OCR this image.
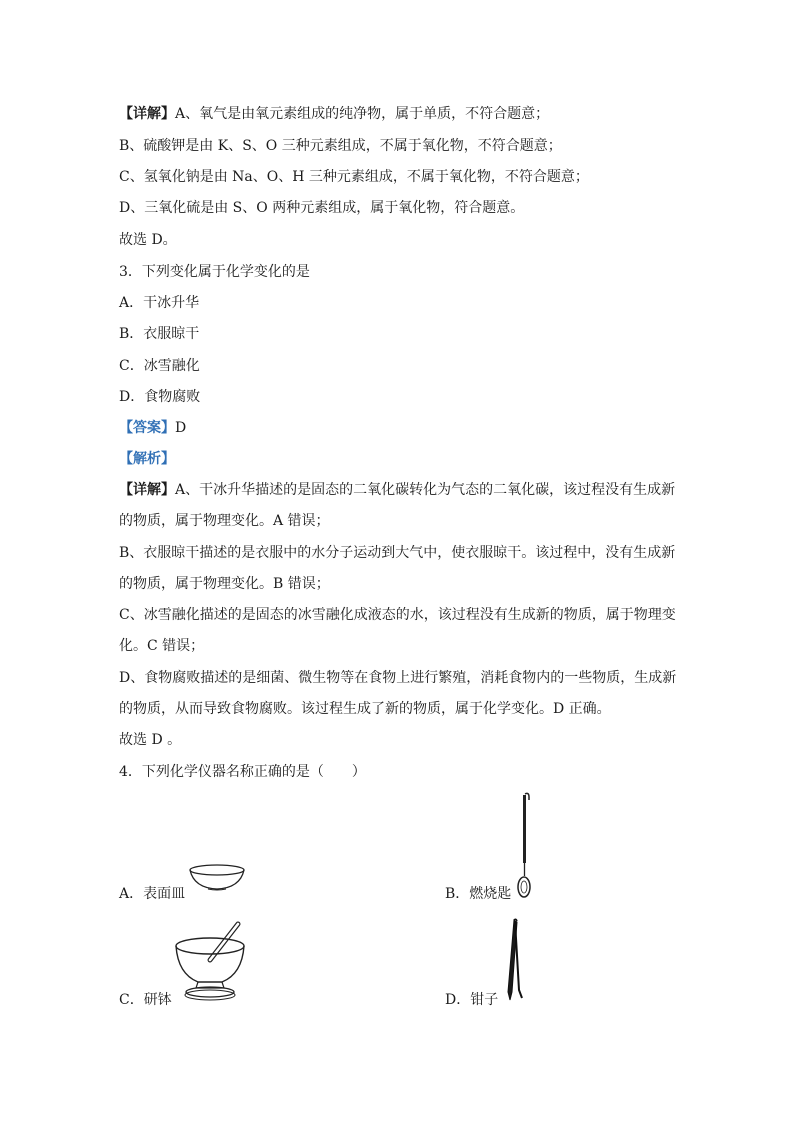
【详解】A、氧气是由氧元素组成的纯净物，属于单质，不符合题意；
B、硫酸钾是由 K、S、O 三种元素组成，不属于氧化物，不符合题意；
C、氢氧化钠是由 Na、O、H 三种元素组成，不属于氧化物，不符合题意；
D、三氧化硫是由 S、O 两种元素组成，属于氧化物，符合题意。
故选 D。
3．下列变化属于化学变化的是
A．干冰升华
B．衣服晾干
C．冰雪融化
D．食物腐败
【答案】D
【解析】
【详解】A、干冰升华描述的是固态的二氧化碳转化为气态的二氧化碳，该过程没有生成新
的物质，属于物理变化。A 错误；
B、衣服晾干描述的是衣服中的水分子运动到大气中，使衣服晾干。该过程中，没有生成新
的物质，属于物理变化。B 错误；
C、冰雪融化描述的是固态的冰雪融化成液态的水，该过程没有生成新的物质，属于物理变
化。C 错误；
D、食物腐败描述的是细菌、微生物等在食物上进行繁殖，消耗食物内的一些物质，生成新
的物质，从而导致食物腐败。该过程生成了新的物质，属于化学变化。D 正确。
故选 D 。
4．下列化学仪器名称正确的是（　　）
A．表面皿	B．燃烧匙
C．研钵	D．钳子
